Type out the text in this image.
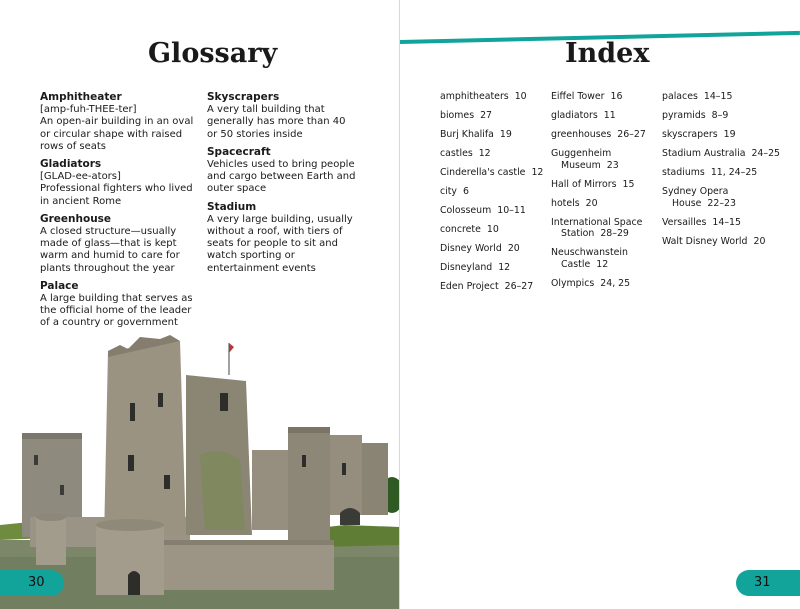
Glossary
Amphitheater
[amp-fuh-THEE-ter]
An open-air building in an oval or circular shape with raised rows of seats
Gladiators
[GLAD-ee-ators]
Professional fighters who lived in ancient Rome
Greenhouse
A closed structure—usually made of glass—that is kept warm and humid to care for plants throughout the year
Palace
A large building that serves as the official home of the leader of a country or government
Skyscrapers
A very tall building that generally has more than 40 or 50 stories inside
Spacecraft
Vehicles used to bring people and cargo between Earth and outer space
Stadium
A very large building, usually without a roof, with tiers of seats for people to sit and watch sporting or entertainment events
30
Index
amphitheaters 10
biomes 27
Burj Khalifa 19
castles 12
Cinderella's castle 12
city 6
Colosseum 10–11
concrete 10
Disney World 20
Disneyland 12
Eden Project 26–27
Eiffel Tower 16
gladiators 11
greenhouses 26–27
Guggenheim Museum 23
Hall of Mirrors 15
hotels 20
International Space Station 28–29
Neuschwanstein Castle 12
Olympics 24, 25
palaces 14–15
pyramids 8–9
skyscrapers 19
Stadium Australia 24–25
stadiums 11, 24–25
Sydney Opera House 22–23
Versailles 14–15
Walt Disney World 20
31
